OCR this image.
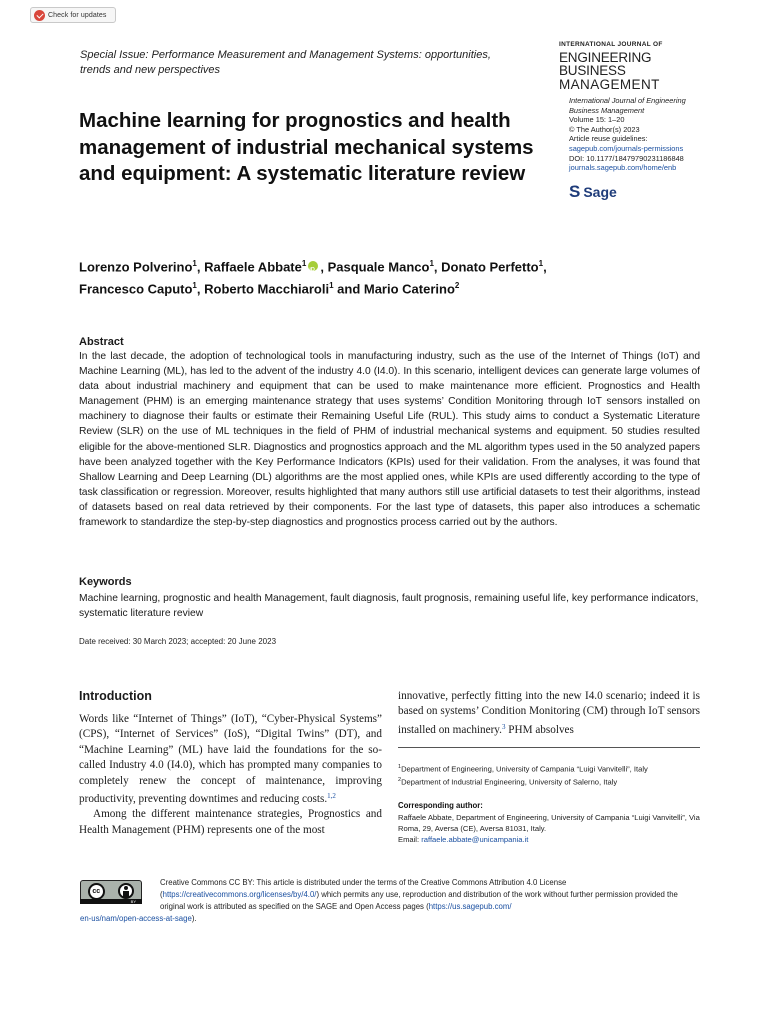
Check for updates
Special Issue: Performance Measurement and Management Systems: opportunities, trends and new perspectives
INTERNATIONAL JOURNAL OF
ENGINEERING BUSINESS
MANAGEMENT
International Journal of Engineering
Business Management
Volume 15: 1–20
© The Author(s) 2023
Article reuse guidelines:
sagepub.com/journals-permissions
DOI: 10.1177/18479790231186848
journals.sagepub.com/home/enb
S Sage
Machine learning for prognostics and health management of industrial mechanical systems and equipment: A systematic literature review
Lorenzo Polverino$^1$, Raffaele Abbate$^1$iD , Pasquale Manco$^1$, Donato Perfetto$^1$,
Francesco Caputo$^1$, Roberto Macchiaroli$^1$ and Mario Caterino$^2$
Abstract

In the last decade, the adoption of technological tools in manufacturing industry, such as the use of the Internet of Things (IoT) and Machine Learning (ML), has led to the advent of the industry 4.0 (I4.0). In this scenario, intelligent devices can generate large volumes of data about industrial machinery and equipment that can be used to make maintenance more efficient. Prognostics and Health Management (PHM) is an emerging maintenance strategy that uses systems’ Condition Monitoring through IoT sensors installed on machinery to diagnose their faults or estimate their Remaining Useful Life (RUL). This study aims to conduct a Systematic Literature Review (SLR) on the use of ML techniques in the field of PHM of industrial mechanical systems and equipment. 50 studies resulted eligible for the above-mentioned SLR. Diagnostics and prognostics approach and the ML algorithm types used in the 50 analyzed papers have been analyzed together with the Key Performance Indicators (KPIs) used for their validation. From the analyses, it was found that Shallow Learning and Deep Learning (DL) algorithms are the most applied ones, while KPIs are used differently according to the type of task classification or regression. Moreover, results highlighted that many authors still use artificial datasets to test their algorithms, instead of datasets based on real data retrieved by their components. For the last type of datasets, this paper also introduces a schematic framework to standardize the step-by-step diagnostics and prognostics process carried out by the authors.

Keywords

Machine learning, prognostic and health Management, fault diagnosis, fault prognosis, remaining useful life, key performance indicators, systematic literature review

Date received: 30 March 2023; accepted: 20 June 2023
Introduction

Words like “Internet of Things” (IoT), “Cyber-Physical Systems” (CPS), “Internet of Services” (IoS), “Digital Twins” (DT), and “Machine Learning” (ML) have laid the foundations for the so-called Industry 4.0 (I4.0), which has prompted many companies to completely renew the concept of maintenance, improving productivity, preventing downtimes and reducing costs.$^{1,2}$

Among the different maintenance strategies, Prognostics and Health Management (PHM) represents one of the most

innovative, perfectly fitting into the new I4.0 scenario; indeed it is based on systems’ Condition Monitoring (CM) through IoT sensors installed on machinery.$^3$ PHM absolves
$^1$Department of Engineering, University of Campania “Luigi Vanvitelli”, Italy
$^2$Department of Industrial Engineering, University of Salerno, Italy
Corresponding author:
Raffaele Abbate, Department of Engineering, University of Campania “Luigi Vanvitelli”, Via Roma, 29, Aversa (CE), Aversa 81031, Italy.
Email: raffaele.abbate@unicampania.it
cc
BY
Creative Commons CC BY: This article is distributed under the terms of the Creative Commons Attribution 4.0 License (https://creativecommons.org/licenses/by/4.0/) which permits any use, reproduction and distribution of the work without further permission provided the original work is attributed as specified on the SAGE and Open Access pages (https://us.sagepub.com/
en-us/nam/open-access-at-sage).
